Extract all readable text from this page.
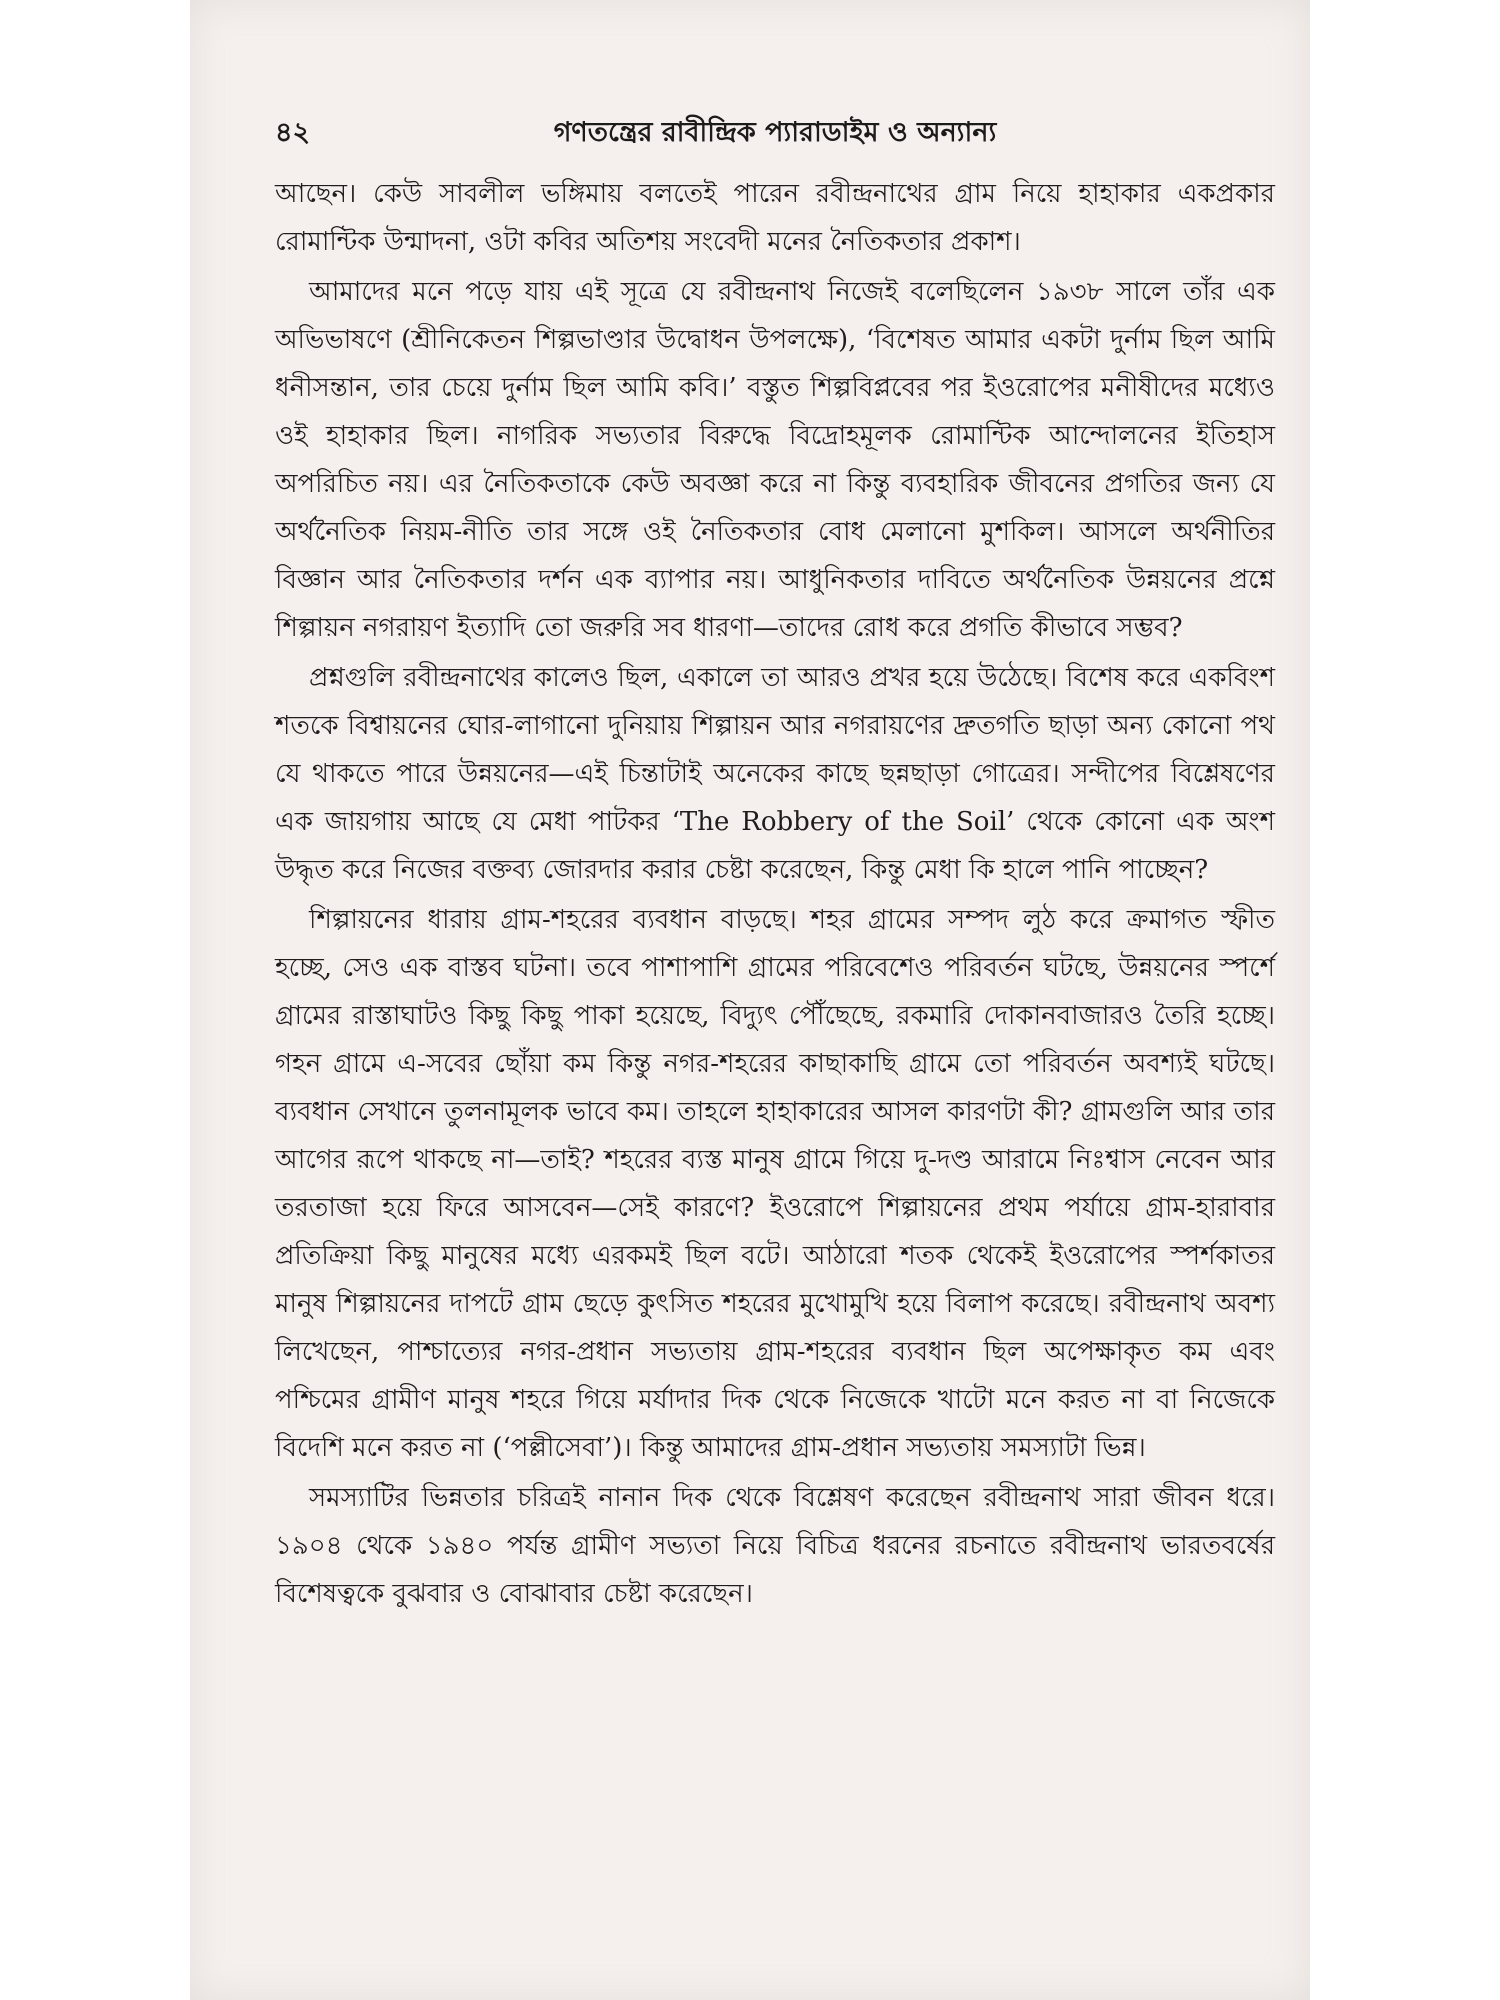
৪২	গণতন্ত্রের রাবীন্দ্রিক প্যারাডাইম ও অন্যান্য

আছেন। কেউ সাবলীল ভঙ্গিমায় বলতেই পারেন রবীন্দ্রনাথের গ্রাম নিয়ে হাহাকার একপ্রকার রোমান্টিক উন্মাদনা, ওটা কবির অতিশয় সংবেদী মনের নৈতিকতার প্রকাশ।

আমাদের মনে পড়ে যায় এই সূত্রে যে রবীন্দ্রনাথ নিজেই বলেছিলেন ১৯৩৮ সালে তাঁর এক অভিভাষণে (শ্রীনিকেতন শিল্পভাণ্ডার উদ্বোধন উপলক্ষে), ‘বিশেষত আমার একটা দুর্নাম ছিল আমি ধনীসন্তান, তার চেয়ে দুর্নাম ছিল আমি কবি।’ বস্তুত শিল্পবিপ্লবের পর ইওরোপের মনীষীদের মধ্যেও ওই হাহাকার ছিল। নাগরিক সভ্যতার বিরুদ্ধে বিদ্রোহমূলক রোমান্টিক আন্দোলনের ইতিহাস অপরিচিত নয়। এর নৈতিকতাকে কেউ অবজ্ঞা করে না কিন্তু ব্যবহারিক জীবনের প্রগতির জন্য যে অর্থনৈতিক নিয়ম-নীতি তার সঙ্গে ওই নৈতিকতার বোধ মেলানো মুশকিল। আসলে অর্থনীতির বিজ্ঞান আর নৈতিকতার দর্শন এক ব্যাপার নয়। আধুনিকতার দাবিতে অর্থনৈতিক উন্নয়নের প্রশ্নে শিল্পায়ন নগরায়ণ ইত্যাদি তো জরুরি সব ধারণা—তাদের রোধ করে প্রগতি কীভাবে সম্ভব?

প্রশ্নগুলি রবীন্দ্রনাথের কালেও ছিল, একালে তা আরও প্রখর হয়ে উঠেছে। বিশেষ করে একবিংশ শতকে বিশ্বায়নের ঘোর-লাগানো দুনিয়ায় শিল্পায়ন আর নগরায়ণের দ্রুতগতি ছাড়া অন্য কোনো পথ যে থাকতে পারে উন্নয়নের—এই চিন্তাটাই অনেকের কাছে ছন্নছাড়া গোত্রের। সন্দীপের বিশ্লেষণের এক জায়গায় আছে যে মেধা পাটকর ‘The Robbery of the Soil’ থেকে কোনো এক অংশ উদ্ধৃত করে নিজের বক্তব্য জোরদার করার চেষ্টা করেছেন, কিন্তু মেধা কি হালে পানি পাচ্ছেন?

শিল্পায়নের ধারায় গ্রাম-শহরের ব্যবধান বাড়ছে। শহর গ্রামের সম্পদ লুঠ করে ক্রমাগত স্ফীত হচ্ছে, সেও এক বাস্তব ঘটনা। তবে পাশাপাশি গ্রামের পরিবেশেও পরিবর্তন ঘটছে, উন্নয়নের স্পর্শে গ্রামের রাস্তাঘাটও কিছু কিছু পাকা হয়েছে, বিদ্যুৎ পৌঁছেছে, রকমারি দোকানবাজারও তৈরি হচ্ছে। গহন গ্রামে এ-সবের ছোঁয়া কম কিন্তু নগর-শহরের কাছাকাছি গ্রামে তো পরিবর্তন অবশ্যই ঘটছে। ব্যবধান সেখানে তুলনামূলক ভাবে কম। তাহলে হাহাকারের আসল কারণটা কী? গ্রামগুলি আর তার আগের রূপে থাকছে না—তাই? শহরের ব্যস্ত মানুষ গ্রামে গিয়ে দু-দণ্ড আরামে নিঃশ্বাস নেবেন আর তরতাজা হয়ে ফিরে আসবেন—সেই কারণে? ইওরোপে শিল্পায়নের প্রথম পর্যায়ে গ্রাম-হারাবার প্রতিক্রিয়া কিছু মানুষের মধ্যে এরকমই ছিল বটে। আঠারো শতক থেকেই ইওরোপের স্পর্শকাতর মানুষ শিল্পায়নের দাপটে গ্রাম ছেড়ে কুৎসিত শহরের মুখোমুখি হয়ে বিলাপ করেছে। রবীন্দ্রনাথ অবশ্য লিখেছেন, পাশ্চাত্যের নগর-প্রধান সভ্যতায় গ্রাম-শহরের ব্যবধান ছিল অপেক্ষাকৃত কম এবং পশ্চিমের গ্রামীণ মানুষ শহরে গিয়ে মর্যাদার দিক থেকে নিজেকে খাটো মনে করত না বা নিজেকে বিদেশি মনে করত না (‘পল্লীসেবা’)। কিন্তু আমাদের গ্রাম-প্রধান সভ্যতায় সমস্যাটা ভিন্ন।

সমস্যাটির ভিন্নতার চরিত্রই নানান দিক থেকে বিশ্লেষণ করেছেন রবীন্দ্রনাথ সারা জীবন ধরে। ১৯০৪ থেকে ১৯৪০ পর্যন্ত গ্রামীণ সভ্যতা নিয়ে বিচিত্র ধরনের রচনাতে রবীন্দ্রনাথ ভারতবর্ষের বিশেষত্বকে বুঝবার ও বোঝাবার চেষ্টা করেছেন।
